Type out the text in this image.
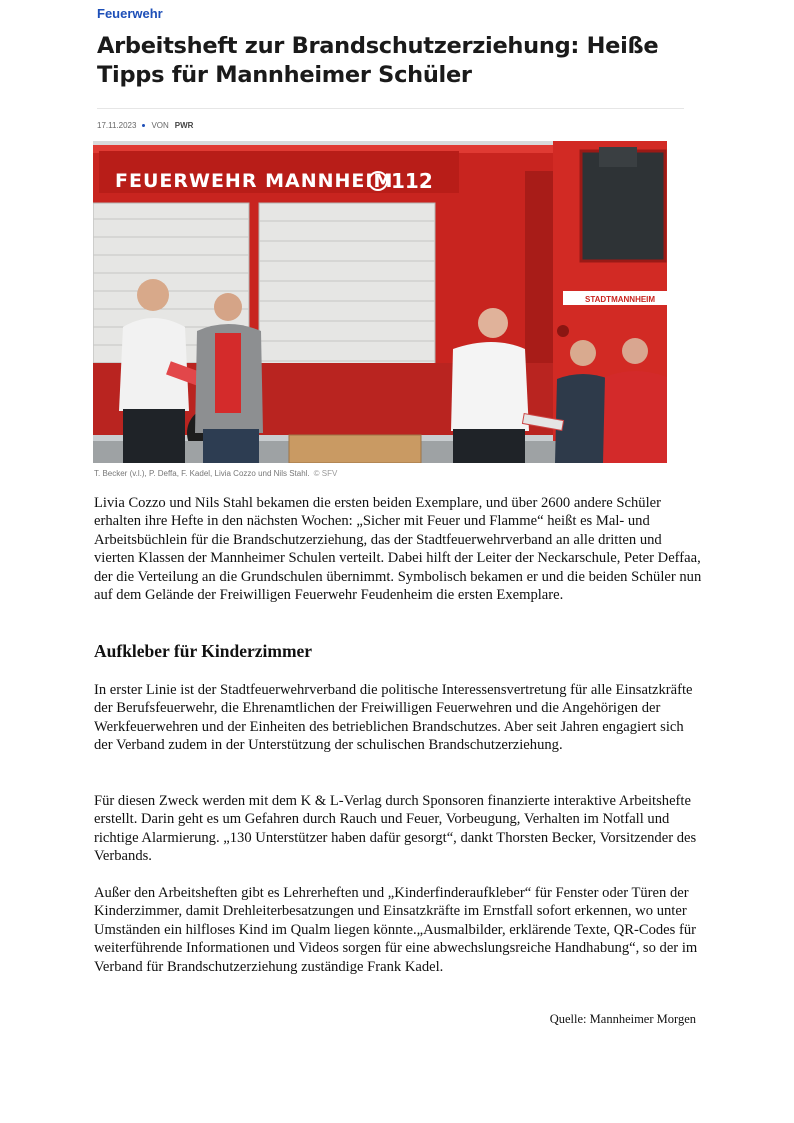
Feuerwehr
Arbeitsheft zur Brandschutzerziehung: Heiße Tipps für Mannheimer Schüler
17.11.2023 VON PWR
FEUERWEHR MANNHEIM
112
STADTMANNHEIM
T. Becker (v.l.), P. Deffa, F. Kadel, Livia Cozzo und Nils Stahl. © SFV

Livia Cozzo und Nils Stahl bekamen die ersten beiden Exemplare, und über 2600 andere Schüler erhalten ihre Hefte in den nächsten Wochen: „Sicher mit Feuer und Flamme“ heißt es Mal- und Arbeitsbüchlein für die Brandschutzerziehung, das der Stadtfeuerwehrverband an alle dritten und vierten Klassen der Mannheimer Schulen verteilt. Dabei hilft der Leiter der Neckarschule, Peter Deffaa, der die Verteilung an die Grundschulen übernimmt. Symbolisch bekamen er und die beiden Schüler nun auf dem Gelände der Freiwilligen Feuerwehr Feudenheim die ersten Exemplare.

Aufkleber für Kinderzimmer

In erster Linie ist der Stadtfeuerwehrverband die politische Interessensvertretung für alle Einsatzkräfte der Berufsfeuerwehr, die Ehrenamtlichen der Freiwilligen Feuerwehren und die Angehörigen der Werkfeuerwehren und der Einheiten des betrieblichen Brandschutzes. Aber seit Jahren engagiert sich der Verband zudem in der Unterstützung der schulischen Brandschutzerziehung.

Für diesen Zweck werden mit dem K & L-Verlag durch Sponsoren finanzierte interaktive Arbeitshefte erstellt. Darin geht es um Gefahren durch Rauch und Feuer, Vorbeugung, Verhalten im Notfall und richtige Alarmierung. „130 Unterstützer haben dafür gesorgt“, dankt Thorsten Becker, Vorsitzender des Verbands.

Außer den Arbeitsheften gibt es Lehrerheften und „Kinderfinderaufkleber“ für Fenster oder Türen der Kinderzimmer, damit Drehleiterbesatzungen und Einsatzkräfte im Ernstfall sofort erkennen, wo unter Umständen ein hilfloses Kind im Qualm liegen könnte.„Ausmalbilder, erklärende Texte, QR-Codes für weiterführende Informationen und Videos sorgen für eine abwechslungsreiche Handhabung“, so der im Verband für Brandschutzerziehung zuständige Frank Kadel.

Quelle: Mannheimer Morgen
